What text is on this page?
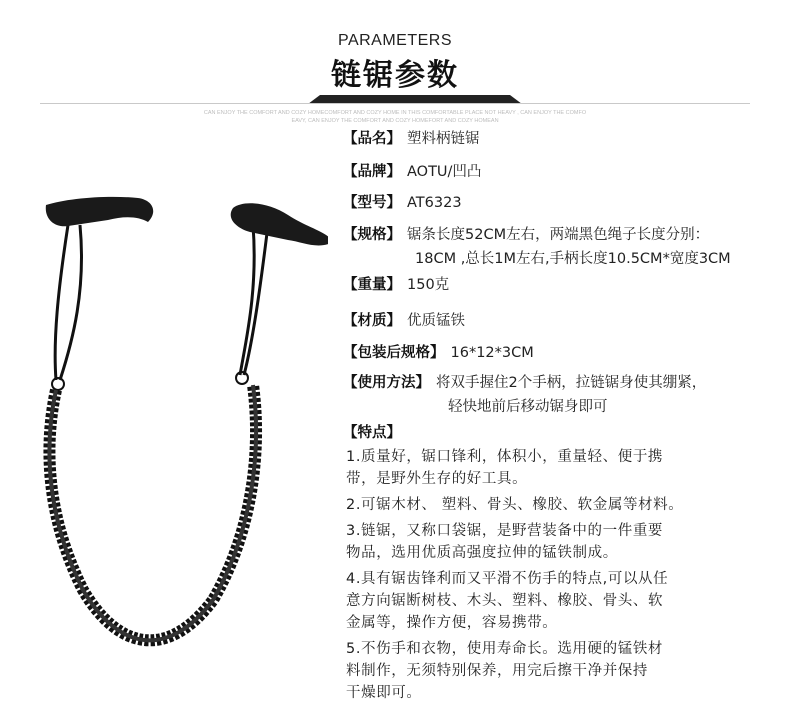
PARAMETERS
链锯参数
CAN ENJOY THE COMFORT AND COZY HOMECOMFORT AND COZY HOME IN THIS COMFORTABLE PLACE NOT HEAVY , CAN ENJOY THE COMFO
EAVY, CAN ENJOY THE COMFORT AND COZY HOMEFORT AND COZY HOMEAN
【品名】 塑料柄链锯
【品牌】 AOTU/凹凸
【型号】 AT6323
【规格】 锯条长度52CM左右，两端黑色绳子长度分别：
18CM ,总长1M左右,手柄长度10.5CM*宽度3CM
【重量】 150克
【材质】 优质锰铁
【包装后规格】 16*12*3CM
【使用方法】 将双手握住2个手柄，拉链锯身使其绷紧，
轻快地前后移动锯身即可
【特点】
1.质量好，锯口锋利，体积小，重量轻、便于携
带，是野外生存的好工具。
2.可锯木材、 塑料、骨头、橡胶、软金属等材料。
3.链锯，又称口袋锯，是野营装备中的一件重要
物品，选用优质高强度拉伸的锰铁制成。
4.具有锯齿锋利而又平滑不伤手的特点,可以从任
意方向锯断树枝、木头、塑料、橡胶、骨头、软
金属等，操作方便，容易携带。
5.不伤手和衣物，使用寿命长。选用硬的锰铁材
料制作，无须特别保养，用完后擦干净并保持
干燥即可。
